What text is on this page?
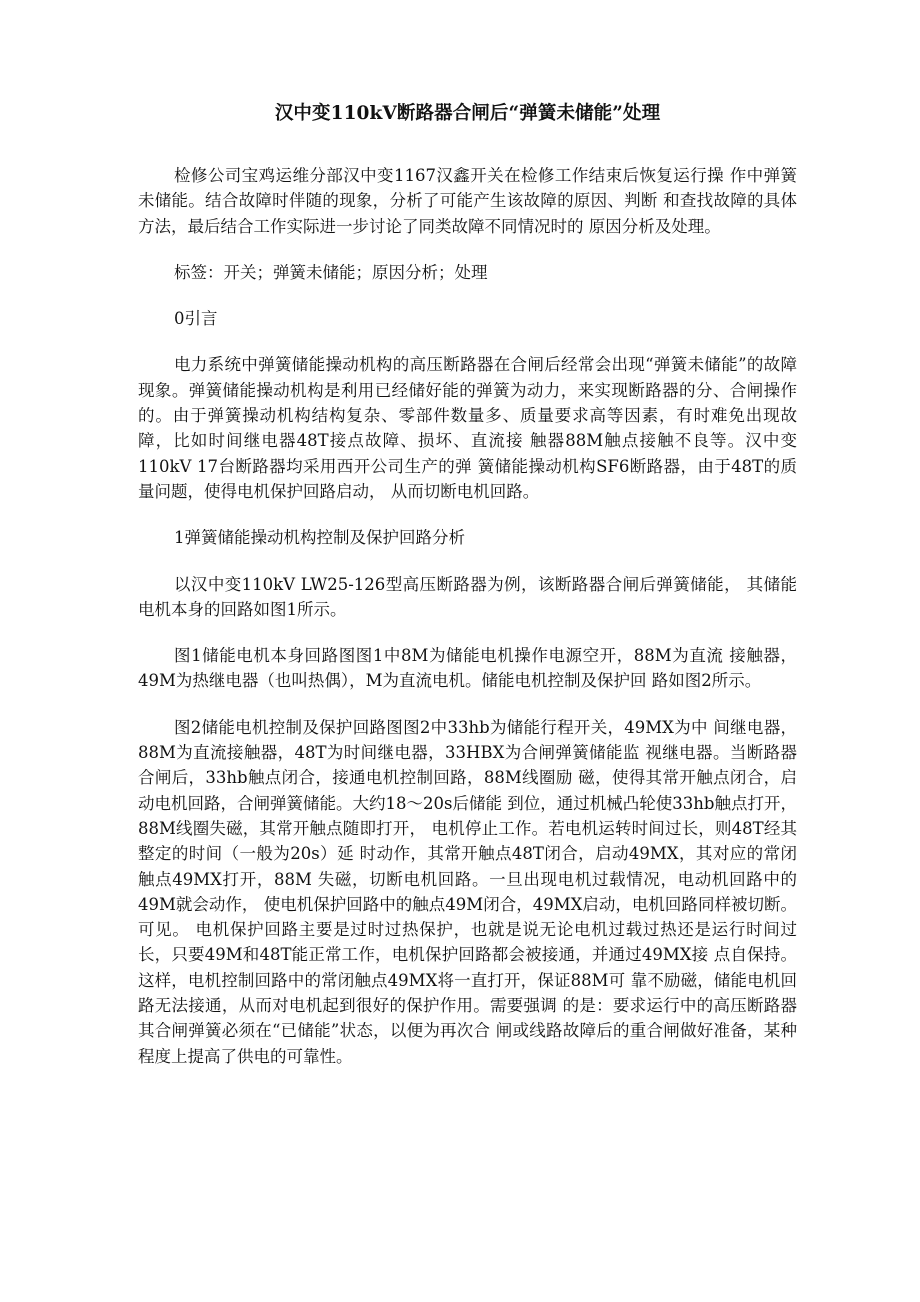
汉中变110kV断路器合闸后“弹簧未储能”处理

检修公司宝鸡运维分部汉中变1167汉鑫开关在检修工作结束后恢复运行操 作中弹簧未储能。结合故障时伴随的现象，分析了可能产生该故障的原因、判断 和查找故障的具体方法，最后结合工作实际进一步讨论了同类故障不同情况时的 原因分析及处理。

标签：开关；弹簧未储能；原因分析；处理

0引言

电力系统中弹簧储能操动机构的高压断路器在合闸后经常会出现“弹簧未储能”的故障现象。弹簧储能操动机构是利用已经储好能的弹簧为动力，来实现断路器的分、合闸操作的。由于弹簧操动机构结构复杂、零部件数量多、质量要求高等因素，有时难免出现故障，比如时间继电器48T接点故障、损坏、直流接 触器88M触点接触不良等。汉中变110kV 17台断路器均采用西开公司生产的弹 簧储能操动机构SF6断路器，由于48T的质量问题，使得电机保护回路启动， 从而切断电机回路。

1弹簧储能操动机构控制及保护回路分析

以汉中变110kV LW25-126型高压断路器为例，该断路器合闸后弹簧储能， 其储能电机本身的回路如图1所示。

图1储能电机本身回路图图1中8M为储能电机操作电源空开，88M为直流 接触器，49M为热继电器（也叫热偶），M为直流电机。储能电机控制及保护回 路如图2所示。

图2储能电机控制及保护回路图图2中33hb为储能行程开关，49MX为中 间继电器，88M为直流接触器，48T为时间继电器，33HBX为合闸弹簧储能监 视继电器。当断路器合闸后，33hb触点闭合，接通电机控制回路，88M线圈励 磁，使得其常开触点闭合，启动电机回路，合闸弹簧储能。大约18〜20s后储能 到位，通过机械凸轮使33hb触点打开，88M线圈失磁，其常开触点随即打开， 电机停止工作。若电机运转时间过长，则48T经其整定的时间（一般为20s）延 时动作，其常开触点48T闭合，启动49MX，其对应的常闭触点49MX打开，88M 失磁，切断电机回路。一旦出现电机过载情况，电动机回路中的49M就会动作， 使电机保护回路中的触点49M闭合，49MX启动，电机回路同样被切断。可见。 电机保护回路主要是过时过热保护，也就是说无论电机过载过热还是运行时间过 长，只要49M和48T能正常工作，电机保护回路都会被接通，并通过49MX接 点自保持。这样，电机控制回路中的常闭触点49MX将一直打开，保证88M可 靠不励磁，储能电机回路无法接通，从而对电机起到很好的保护作用。需要强调 的是：要求运行中的高压断路器其合闸弹簧必须在“已储能”状态，以便为再次合 闸或线路故障后的重合闸做好准备，某种程度上提高了供电的可靠性。
